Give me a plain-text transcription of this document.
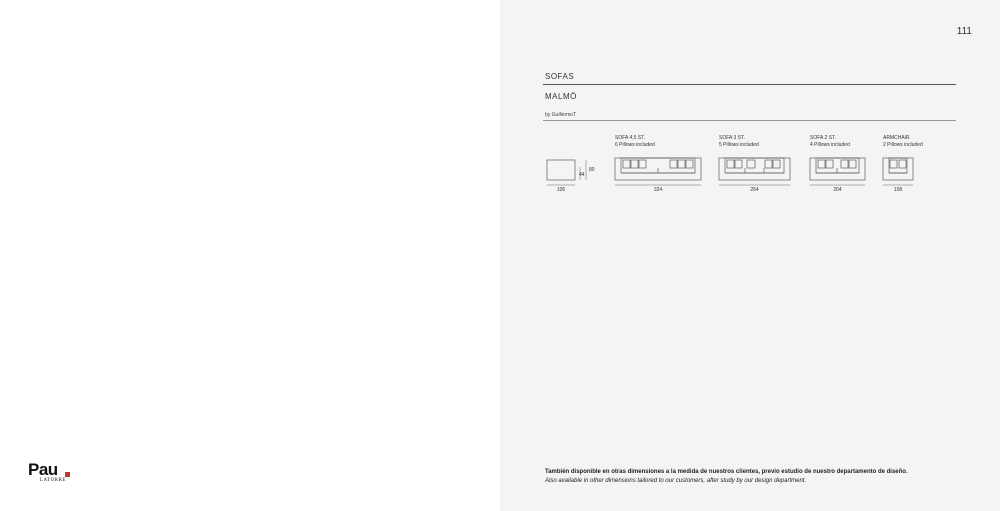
Pau
LATORRE
111
SOFAS
MALMÖ
by GuillermoT
SOFA 4,5 ST.
6 Pillows included
SOFA 3 ST.
5 Pillows included
SOFA 2 ST.
4 Pillows included
ARMCHAIR
2 Pillows included
44
80
106	324	264	204	108
También disponible en otras dimensiones a la medida de nuestros clientes, previo estudio de nuestro departamento de diseño.
Also available in other dimensions tailored to our customers, after study by our design department.
